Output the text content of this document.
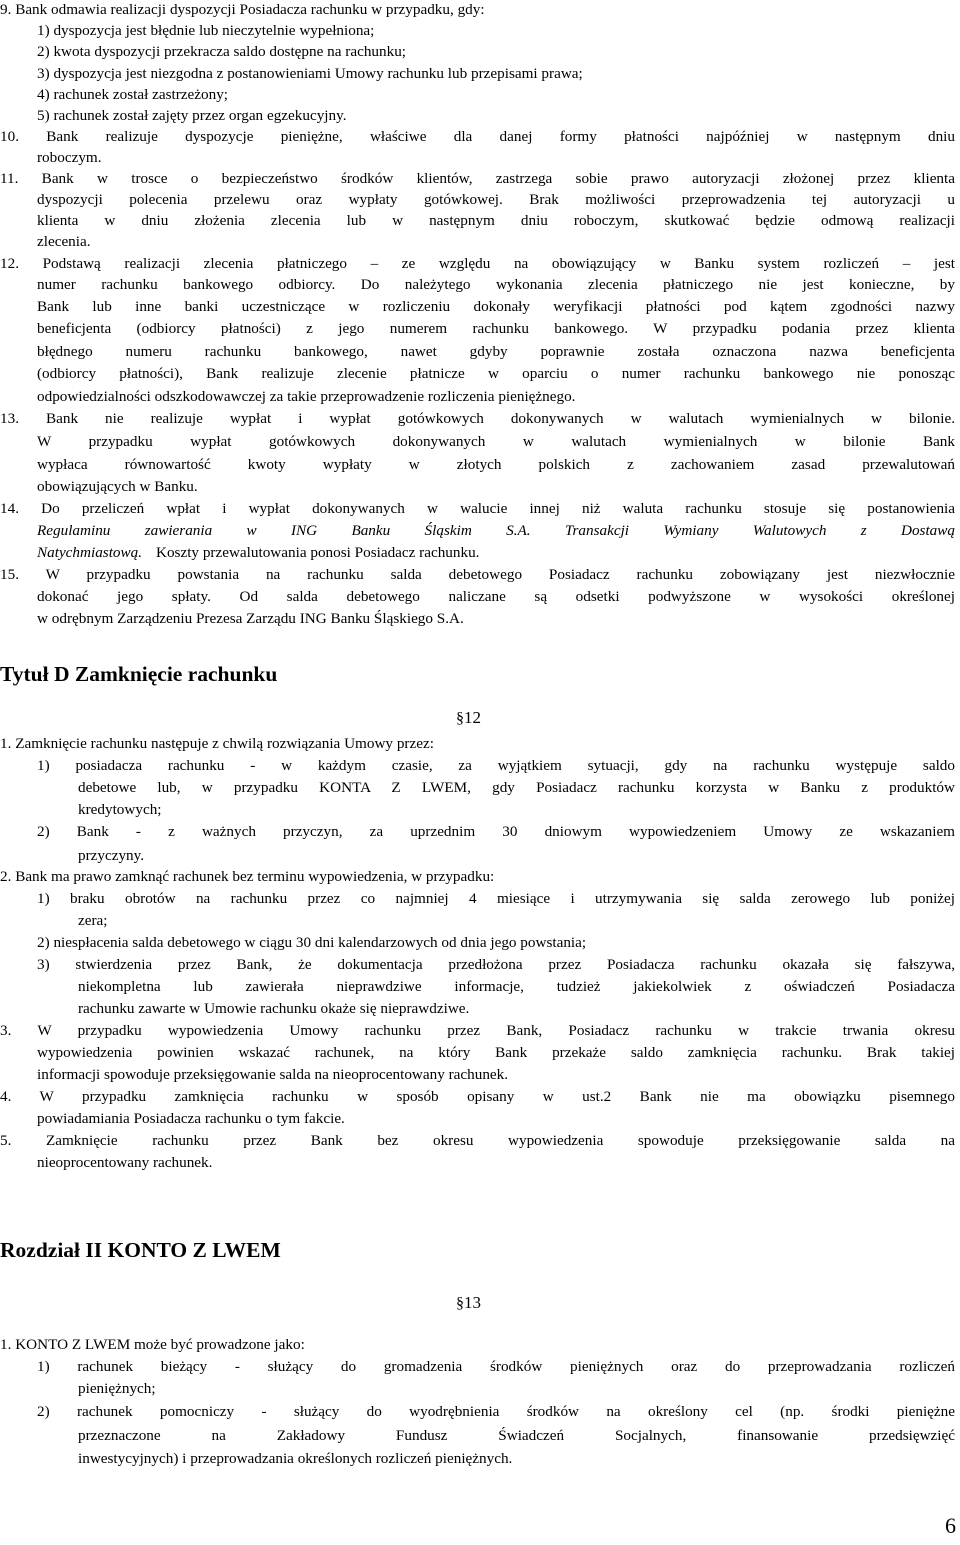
9. Bank odmawia realizacji dyspozycji Posiadacza rachunku w przypadku, gdy:
1) dyspozycja jest błędnie lub nieczytelnie wypełniona;
2) kwota dyspozycji przekracza saldo dostępne na rachunku;
3) dyspozycja jest niezgodna z postanowieniami Umowy rachunku lub przepisami prawa;
4) rachunek został zastrzeżony;
5) rachunek został zajęty przez organ egzekucyjny.
10. Bank realizuje dyspozycje pieniężne, właściwe dla danej formy płatności najpóźniej w następnym dniu
roboczym.
11. Bank w trosce o bezpieczeństwo środków klientów, zastrzega sobie prawo autoryzacji złożonej przez klienta
dyspozycji polecenia przelewu oraz wypłaty gotówkowej. Brak możliwości przeprowadzenia tej autoryzacji u
klienta w dniu złożenia zlecenia lub w następnym dniu roboczym, skutkować będzie odmową realizacji
zlecenia.
12. Podstawą realizacji zlecenia płatniczego – ze względu na obowiązujący w Banku system rozliczeń – jest
numer rachunku bankowego odbiorcy. Do należytego wykonania zlecenia płatniczego nie jest konieczne, by
Bank lub inne banki uczestniczące w rozliczeniu dokonały weryfikacji płatności pod kątem zgodności nazwy
beneficjenta (odbiorcy płatności) z jego numerem rachunku bankowego. W przypadku podania przez klienta
błędnego numeru rachunku bankowego, nawet gdyby poprawnie została oznaczona nazwa beneficjenta
(odbiorcy płatności), Bank realizuje zlecenie płatnicze w oparciu o numer rachunku bankowego nie ponosząc
odpowiedzialności odszkodowawczej za takie przeprowadzenie rozliczenia pieniężnego.
13. Bank nie realizuje wypłat i wypłat gotówkowych dokonywanych w walutach wymienialnych w bilonie.
W przypadku wypłat gotówkowych dokonywanych w walutach wymienialnych w bilonie Bank
wypłaca równowartość kwoty wypłaty w złotych polskich z zachowaniem zasad przewalutowań
obowiązujących w Banku.
14. Do przeliczeń wpłat i wypłat dokonywanych w walucie innej niż waluta rachunku stosuje się postanowienia
Regulaminu zawierania w ING Banku Śląskim S.A. Transakcji Wymiany Walutowych z Dostawą
Natychmiastową. Koszty przewalutowania ponosi Posiadacz rachunku.
15. W przypadku powstania na rachunku salda debetowego Posiadacz rachunku zobowiązany jest niezwłocznie
dokonać jego spłaty. Od salda debetowego naliczane są odsetki podwyższone w wysokości określonej
w odrębnym Zarządzeniu Prezesa Zarządu ING Banku Śląskiego S.A.
1. Zamknięcie rachunku następuje z chwilą rozwiązania Umowy przez:
1) posiadacza rachunku - w każdym czasie, za wyjątkiem sytuacji, gdy na rachunku występuje saldo
debetowe lub, w przypadku KONTA Z LWEM, gdy Posiadacz rachunku korzysta w Banku z produktów
kredytowych;
2) Bank - z ważnych przyczyn, za uprzednim 30 dniowym wypowiedzeniem Umowy ze wskazaniem
przyczyny.
2. Bank ma prawo zamknąć rachunek bez terminu wypowiedzenia, w przypadku:
1) braku obrotów na rachunku przez co najmniej 4 miesiące i utrzymywania się salda zerowego lub poniżej
zera;
2) niespłacenia salda debetowego w ciągu 30 dni kalendarzowych od dnia jego powstania;
3) stwierdzenia przez Bank, że dokumentacja przedłożona przez Posiadacza rachunku okazała się fałszywa,
niekompletna lub zawierała nieprawdziwe informacje, tudzież jakiekolwiek z oświadczeń Posiadacza
rachunku zawarte w Umowie rachunku okaże się nieprawdziwe.
3. W przypadku wypowiedzenia Umowy rachunku przez Bank, Posiadacz rachunku w trakcie trwania okresu
wypowiedzenia powinien wskazać rachunek, na który Bank przekaże saldo zamknięcia rachunku. Brak takiej
informacji spowoduje przeksięgowanie salda na nieoprocentowany rachunek.
4. W przypadku zamknięcia rachunku w sposób opisany w ust.2 Bank nie ma obowiązku pisemnego
powiadamiania Posiadacza rachunku o tym fakcie.
5. Zamknięcie rachunku przez Bank bez okresu wypowiedzenia spowoduje przeksięgowanie salda na
nieoprocentowany rachunek.
1. KONTO Z LWEM może być prowadzone jako:
1) rachunek bieżący - służący do gromadzenia środków pieniężnych oraz do przeprowadzania rozliczeń
pieniężnych;
2) rachunek pomocniczy - służący do wyodrębnienia środków na określony cel (np. środki pieniężne
przeznaczone na Zakładowy Fundusz Świadczeń Socjalnych, finansowanie przedsięwzięć
inwestycyjnych) i przeprowadzania określonych rozliczeń pieniężnych.
Tytuł D Zamknięcie rachunku
§12
Rozdział II KONTO Z LWEM
§13
6
